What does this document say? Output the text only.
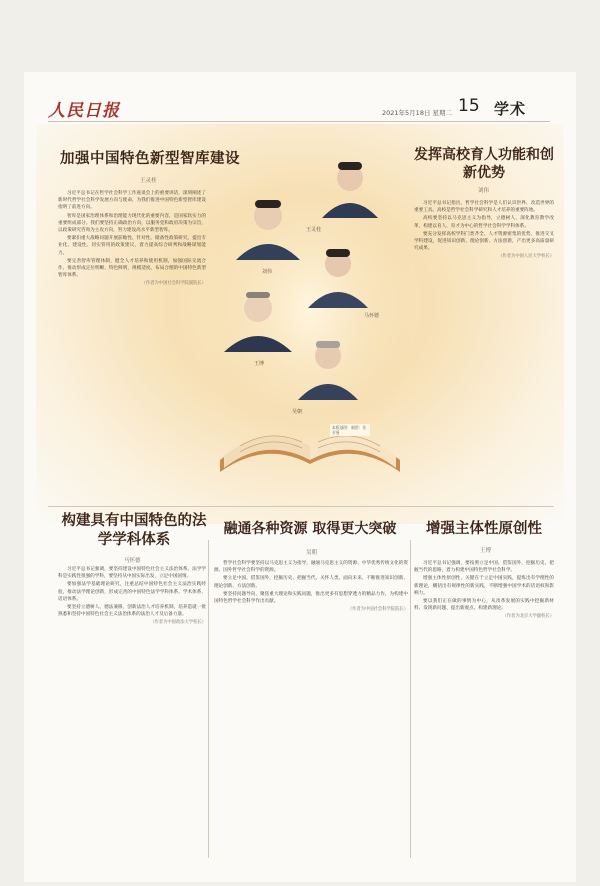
人民日报	2021年5月18日 星期二 15 学术
加强中国特色新型智库建设
王灵桂
发挥高校育人功能和创新优势
刘伟

习近平总书记在哲学社会科学工作座谈会上的重要讲话，深刻阐述了新时代哲学社会科学发展方向与使命，为我们推进中国特色新型智库建设指明了前进方向。

智库是国家治理体系和治理能力现代化的重要内容，是国家软实力的重要组成部分。我们要坚持正确政治方向，以服务党和政府决策为宗旨，以政策研究咨询为主攻方向，努力建设高水平新型智库。

要紧扣重大战略问题开展前瞻性、针对性、储备性政策研究，提出专业化、建设性、切实管用的政策建议，着力提高综合研判和战略谋划能力。

要完善智库管理体制，健全人才培养和使用机制，加强国际交流合作，推动形成定位明晰、特色鲜明、规模适度、布局合理的中国特色新型智库体系。

（作者为中国社会科学院副院长）

习近平总书记指出，哲学社会科学是人们认识世界、改造世界的重要工具。高校是哲学社会科学研究和人才培养的重要阵地。

高校要坚持以马克思主义为指导，立德树人，深化教育教学改革，构建以育人、育才为中心的哲学社会科学学科体系。

要充分发挥高校学科门类齐全、人才资源密集的优势，推进交叉学科建设，促进知识创新、理论创新、方法创新，产出更多高质量研究成果。

（作者为中国人民大学校长）

王灵桂
刘伟
马怀德
王博
吴朝
本版插图：制图：张芳曼
构建具有中国特色的法学学科体系
马怀德
融通各种资源 取得更大突破
吴朝
增强主体性原创性
王博

习近平总书记强调，要坚持建设中国特色社会主义法治体系。法学学科是实践性很强的学科，要坚持从中国实际出发，立足中国国情。

要加强法学基础理论研究，注重总结中国特色社会主义法治实践经验，推动法学理论创新，形成完善的中国特色法学学科体系、学术体系、话语体系。

要坚持立德树人、德法兼修，创新法治人才培养机制，培养造就一批熟悉和坚持中国特色社会主义法治体系的法治人才及后备力量。

（作者为中国政法大学校长）

哲学社会科学要坚持以马克思主义为指导，融通马克思主义的资源、中华优秀传统文化的资源、国外哲学社会科学的资源。

要立足中国、借鉴国外，挖掘历史、把握当代，关怀人类、面向未来，不断推进知识创新、理论创新、方法创新。

要坚持问题导向，聚焦重大理论和实践问题，推出更多有思想穿透力的精品力作，为构建中国特色哲学社会科学作出贡献。

（作者为中国社会科学院院长）

习近平总书记强调，要按照立足中国、借鉴国外，挖掘历史、把握当代的思路，着力构建中国特色哲学社会科学。

增强主体性原创性，关键在于立足中国实践，提炼出有学理性的新理论，概括出有规律性的新实践，不断增强中国学术的话语权和影响力。

要以我们正在做的事情为中心，从改革发展的实践中挖掘新材料、发现新问题、提出新观点、构建新理论。

（作者为北京大学副校长）
